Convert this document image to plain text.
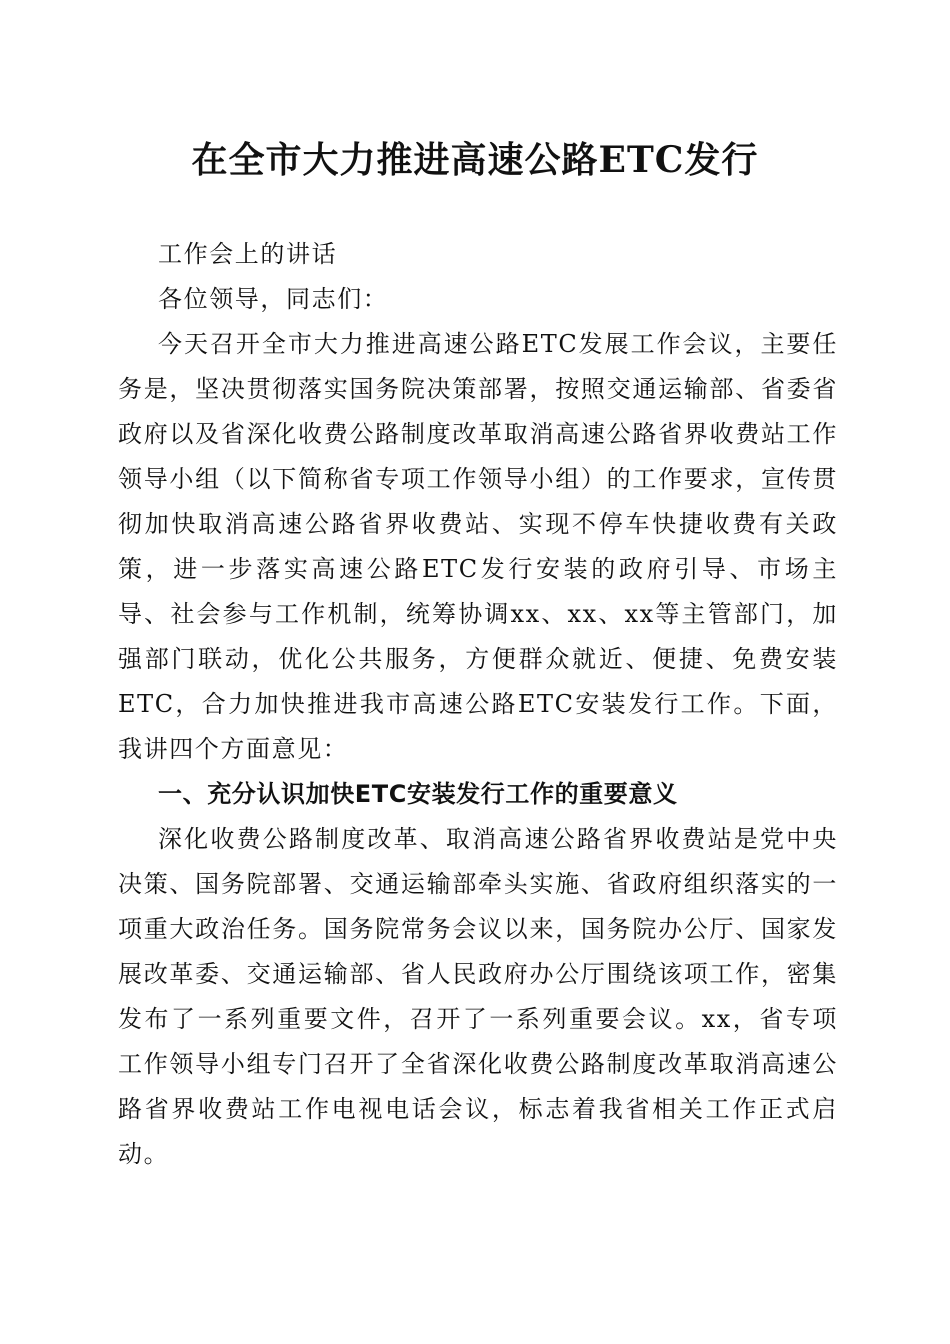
在全市大力推进高速公路ETC发行

工作会上的讲话

各位领导，同志们：

今天召开全市大力推进高速公路ETC发展工作会议，主要任务是，坚决贯彻落实国务院决策部署，按照交通运输部、省委省政府以及省深化收费公路制度改革取消高速公路省界收费站工作领导小组（以下简称省专项工作领导小组）的工作要求，宣传贯彻加快取消高速公路省界收费站、实现不停车快捷收费有关政策，进一步落实高速公路ETC发行安装的政府引导、市场主导、社会参与工作机制，统筹协调xx、xx、xx等主管部门，加强部门联动，优化公共服务，方便群众就近、便捷、免费安装ETC，合力加快推进我市高速公路ETC安装发行工作。下面，我讲四个方面意见：

一、充分认识加快ETC安装发行工作的重要意义

深化收费公路制度改革、取消高速公路省界收费站是党中央决策、国务院部署、交通运输部牵头实施、省政府组织落实的一项重大政治任务。国务院常务会议以来，国务院办公厅、国家发展改革委、交通运输部、省人民政府办公厅围绕该项工作，密集发布了一系列重要文件，召开了一系列重要会议。xx，省专项工作领导小组专门召开了全省深化收费公路制度改革取消高速公路省界收费站工作电视电话会议，标志着我省相关工作正式启动。
